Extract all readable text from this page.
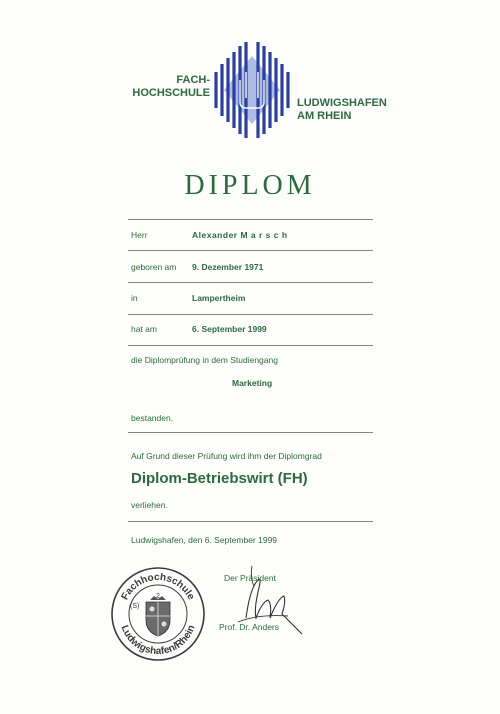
FACH-
HOCHSCHULE
LUDWIGSHAFEN
AM RHEIN
DIPLOM
Herr	Alexander M a r s c h
geboren am 9. Dezember 1971
in	Lampertheim
hat am	6. September 1999
die Diplomprüfung in dem Studiengang
Marketing
bestanden.
Auf Grund dieser Prüfung wird ihm der Diplomgrad
Diplom-Betriebswirt (FH)
verliehen.
Ludwigshafen, den 6. September 1999
Fachhochschule
Ludwigshafen/Rhein
2
(S)
Der Präsident
Prof. Dr. Anders
